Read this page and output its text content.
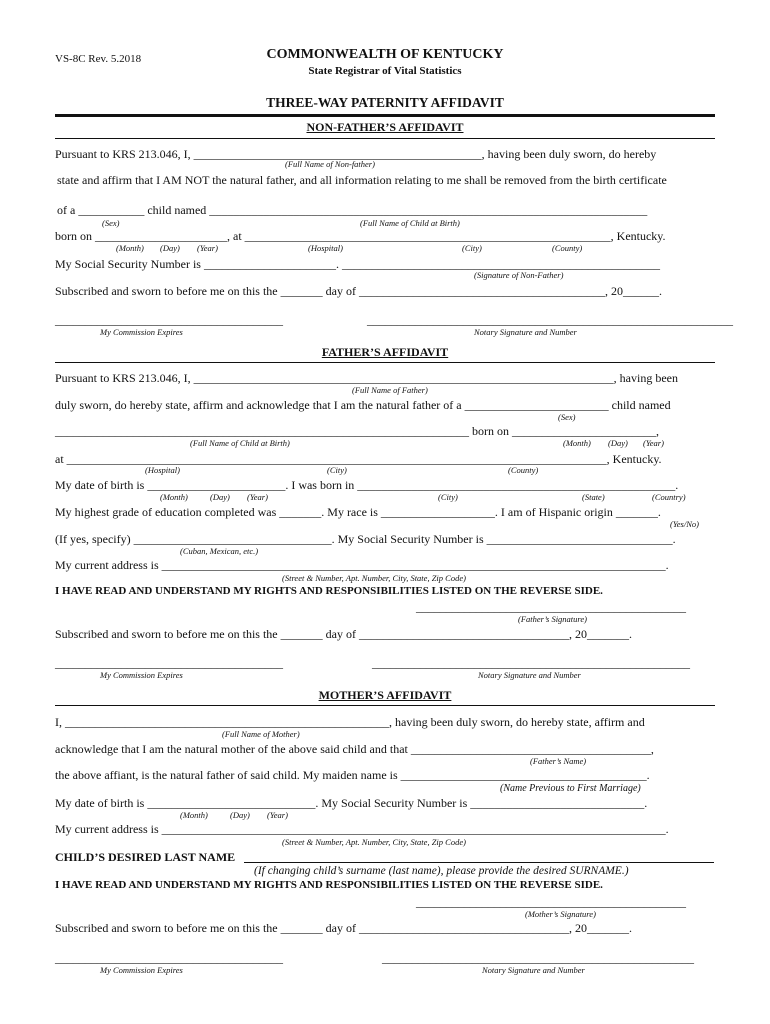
VS-8C Rev. 5.2018	COMMONWEALTH OF KENTUCKY
State Registrar of Vital Statistics
THREE-WAY PATERNITY AFFIDAVIT
NON-FATHER’S AFFIDAVIT
Pursuant to KRS 213.046, I, ________________________________________________, having been duly sworn, do hereby
(Full Name of Non-father)
state and affirm that I AM NOT the natural father, and all information relating to me shall be removed from the birth certificate
of a ___________ child named _________________________________________________________________________
(Sex)	(Full Name of Child at Birth)
born on ______________________, at _____________________________________________________________, Kentucky.
(Month) (Day) (Year)	(Hospital)	(City)	(County)
My Social Security Number is ______________________. _____________________________________________________
(Signature of Non-Father)
Subscribed and sworn to before me on this the _______ day of _________________________________________, 20______.
______________________________________	_____________________________________________________________
My Commission Expires	Notary Signature and Number
FATHER’S AFFIDAVIT
Pursuant to KRS 213.046, I, ______________________________________________________________________, having been
(Full Name of Father)
duly sworn, do hereby state, affirm and acknowledge that I am the natural father of a ________________________ child named
(Sex)
_____________________________________________________________________ born on ________________________,
(Full Name of Child at Birth)	(Month) (Day) (Year)
at __________________________________________________________________________________________, Kentucky.
(Hospital)	(City)	(County)
My date of birth is _______________________. I was born in _____________________________________________________.
(Month)	(Day) (Year)	(City)	(State)	(Country)
My highest grade of education completed was _______. My race is ___________________. I am of Hispanic origin _______.
(Yes/No)
(If yes, specify) _________________________________. My Social Security Number is _______________________________.
(Cuban, Mexican, etc.)
My current address is ____________________________________________________________________________________.
(Street & Number, Apt. Number, City, State, Zip Code)
I HAVE READ AND UNDERSTAND MY RIGHTS AND RESPONSIBILITIES LISTED ON THE REVERSE SIDE.
_____________________________________________
(Father’s Signature)
Subscribed and sworn to before me on this the _______ day of ___________________________________, 20_______.
______________________________________	_____________________________________________________
My Commission Expires	Notary Signature and Number
MOTHER’S AFFIDAVIT
I, ______________________________________________________, having been duly sworn, do hereby state, affirm and
(Full Name of Mother)
acknowledge that I am the natural mother of the above said child and that ________________________________________,
(Father’s Name)
the above affiant, is the natural father of said child. My maiden name is _________________________________________.
(Name Previous to First Marriage)
My date of birth is ____________________________. My Social Security Number is _____________________________.
(Month)	(Day) (Year)
My current address is ____________________________________________________________________________________.
(Street & Number, Apt. Number, City, State, Zip Code)
CHILD’S DESIRED LAST NAME
(If changing child’s surname (last name), please provide the desired SURNAME.)
I HAVE READ AND UNDERSTAND MY RIGHTS AND RESPONSIBILITIES LISTED ON THE REVERSE SIDE.
_____________________________________________
(Mother’s Signature)
Subscribed and sworn to before me on this the _______ day of ___________________________________, 20_______.
______________________________________	____________________________________________________
My Commission Expires	Notary Signature and Number
